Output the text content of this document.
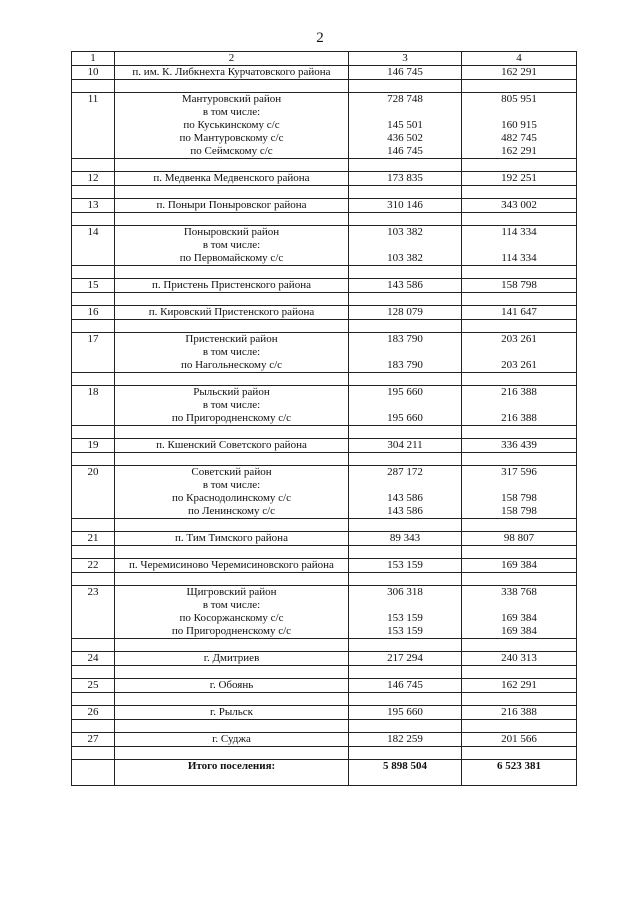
2
1	2	3	4
10	п. им. К. Либкнехта Курчатовского района	146 745	162 291

11	Мантуровский район	728 748	805 951
	в том числе:		
	по Куськинскому с/с	145 501	160 915
	по Мантуровскому с/с	436 502	482 745
	по Сеймскому с/с	146 745	162 291

12	п. Медвенка Медвенского района	173 835	192 251

13	п. Поныри Поныровског района	310 146	343 002

14	Поныровский район	103 382	114 334
	в том числе:		
	по Первомайскому с/с	103 382	114 334

15	п. Пристень Пристенского района	143 586	158 798

16	п. Кировский Пристенского района	128 079	141 647

17	Пристенский район	183 790	203 261
	в том числе:		
	по Нагольнескому с/с	183 790	203 261

18	Рыльский район	195 660	216 388
	в том числе:		
	по Пригородненскому с/с	195 660	216 388

19	п. Кшенский Советского района	304 211	336 439

20	Советский район	287 172	317 596
	в том числе:		
	по Краснодолинскому с/с	143 586	158 798
	по Ленинскому с/с	143 586	158 798

21	п. Тим Тимского района	89 343	98 807

22	п. Черемисиново Черемисиновского района	153 159	169 384

23	Щигровский район	306 318	338 768
	в том числе:		
	по Косоржанскому с/с	153 159	169 384
	по Пригородненскому с/с	153 159	169 384

24	г. Дмитриев	217 294	240 313

25	г. Обоянь	146 745	162 291

26	г. Рыльск	195 660	216 388

27	г. Суджа	182 259	201 566

	Итого поселения:	5 898 504	6 523 381
